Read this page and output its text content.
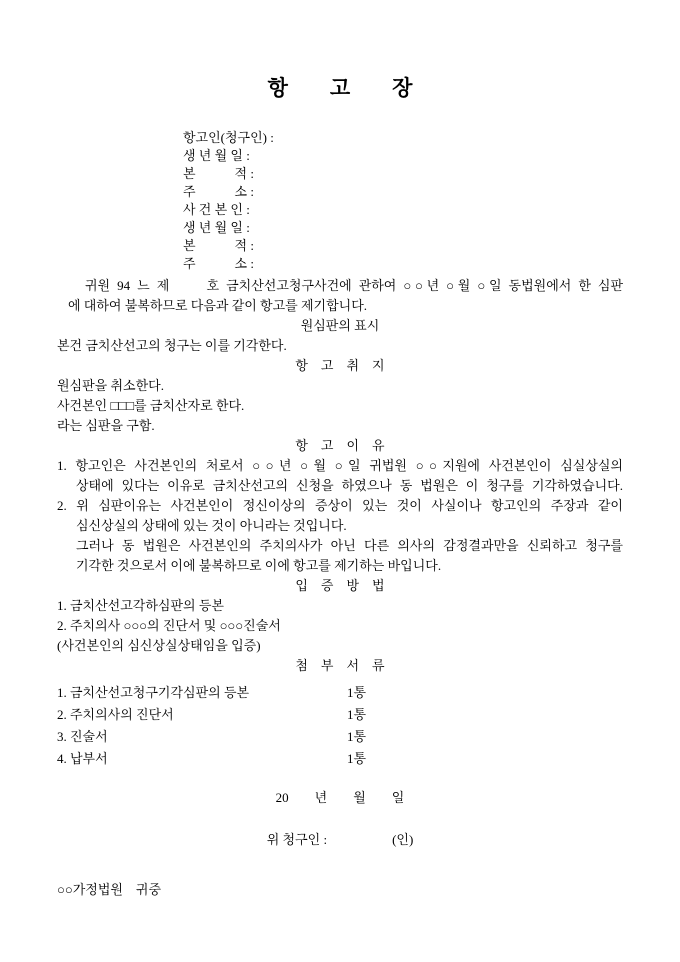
항　　고　　장
항고인(청구인) :
생 년 월 일 :
본　　　적 :
주　　　소 :
사 건 본 인 :
생 년 월 일 :
본　　　적 :
주　　　소 :
귀원 94 느 제　　호 금치산선고청구사건에 관하여 ○○년 ○월 ○일 동법원에서 한 심판
에 대하여 불복하므로 다음과 같이 항고를 제기합니다.
원심판의 표시
본건 금치산선고의 청구는 이를 기각한다.
항　고　취　지
원심판을 취소한다.
사건본인 □□□를 금치산자로 한다.
라는 심판을 구함.
항　고　이　유
1. 항고인은 사건본인의 처로서 ○○년 ○월 ○일 귀법원 ○○지원에 사건본인이 심실상실의
상태에 있다는 이유로 금치산선고의 신청을 하였으나 동 법원은 이 청구를 기각하였습니다.
2. 위 심판이유는 사건본인이 정신이상의 증상이 있는 것이 사실이나 항고인의 주장과 같이
심신상실의 상태에 있는 것이 아니라는 것입니다.
그러나 동 법원은 사건본인의 주치의사가 아닌 다른 의사의 감정결과만을 신뢰하고 청구를
기각한 것으로서 이에 불복하므로 이에 항고를 제기하는 바입니다.
입　증　방　법
1. 금치산선고각하심판의 등본
2. 주치의사 ○○○의 진단서 및 ○○○진술서
(사건본인의 심신상실상태임을 입증)
첨　부　서　류
1. 금치산선고청구기각심판의 등본	1통
2. 주치의사의 진단서	1통
3. 진술서	1통
4. 납부서	1통
20　　년　　월　　일
위 청구인 :　　　　　(인)
○○가정법원　귀중
